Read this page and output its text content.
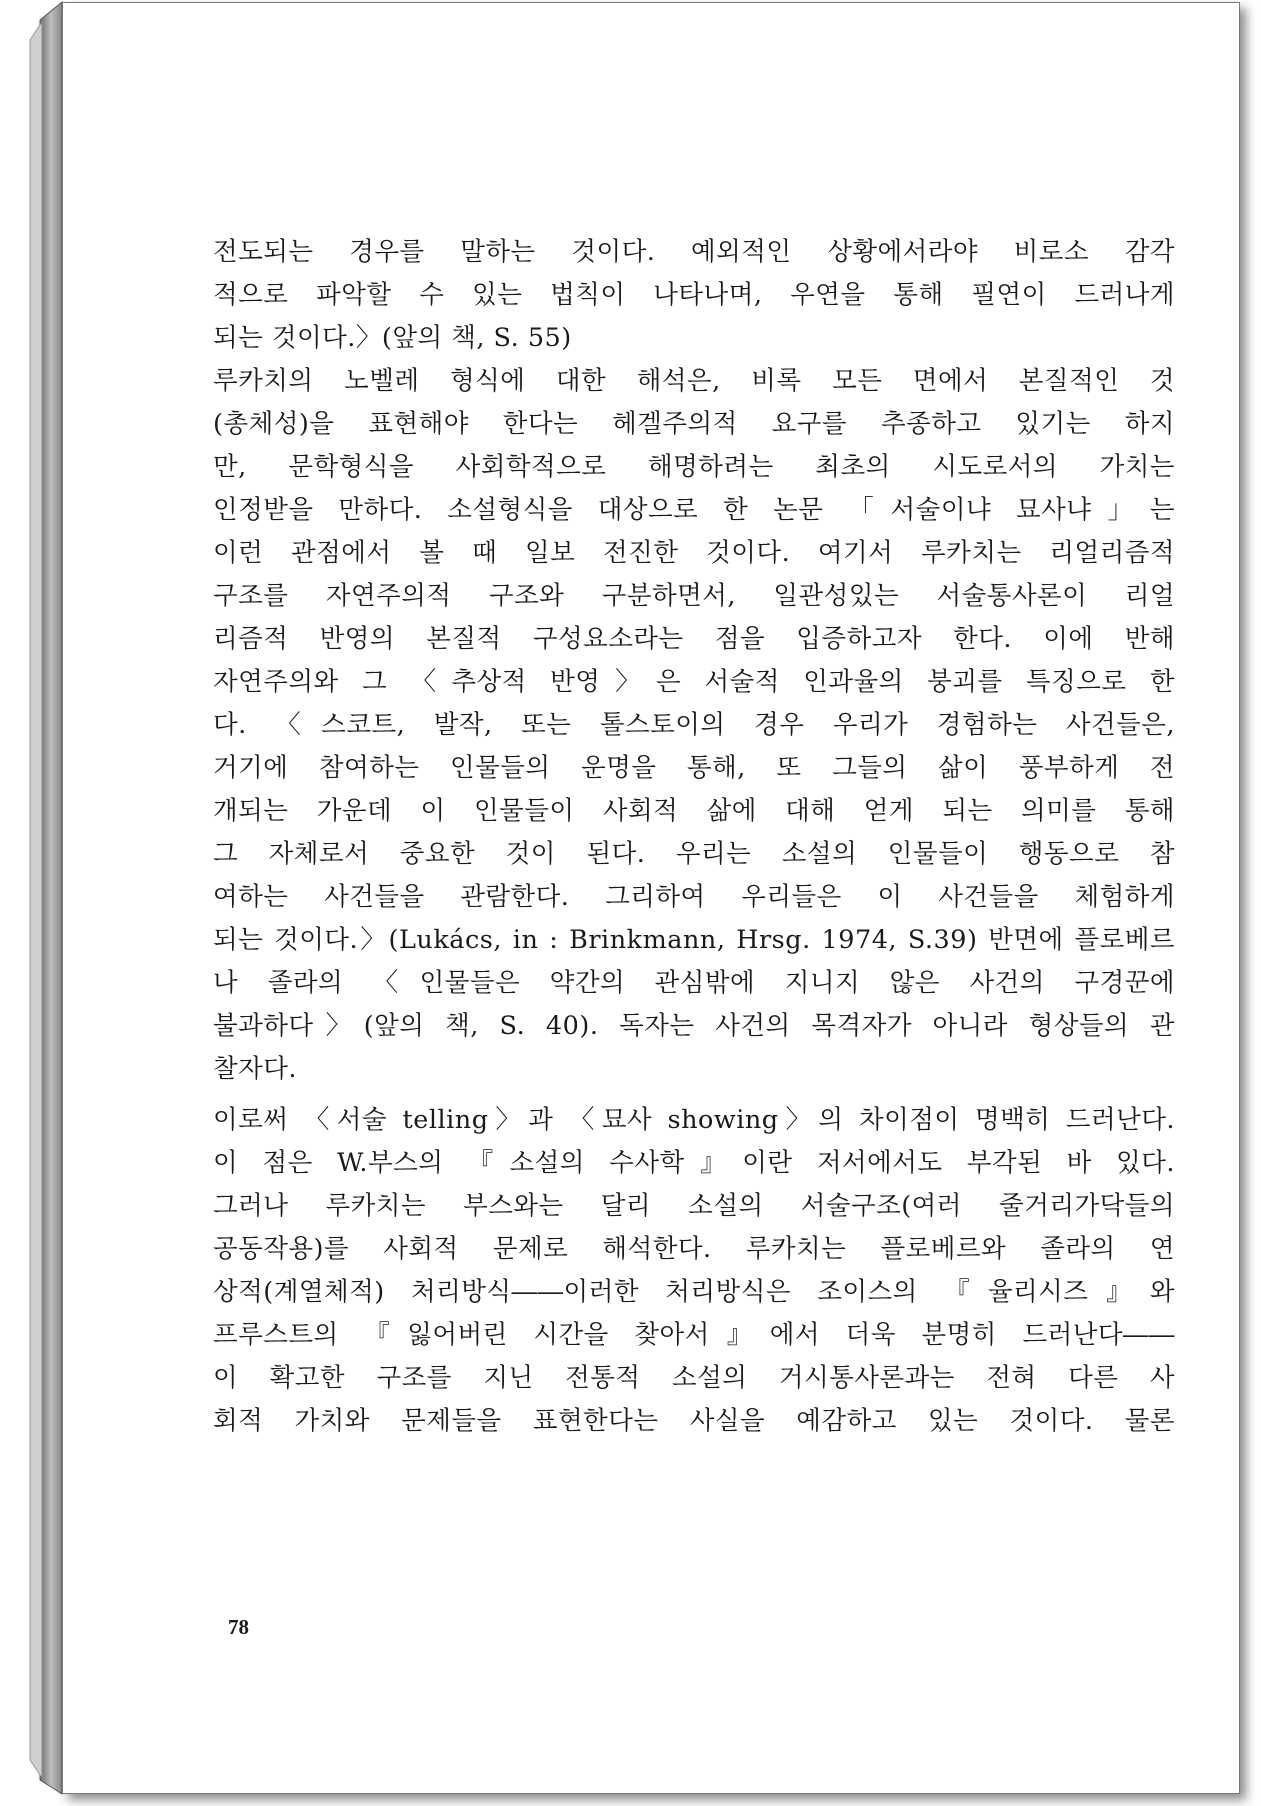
전도되는 경우를 말하는 것이다. 예외적인 상황에서라야 비로소 감각
적으로 파악할 수 있는 법칙이 나타나며, 우연을 통해 필연이 드러나게
되는 것이다.〉(앞의 책, S. 55)
루카치의 노벨레 형식에 대한 해석은, 비록 모든 면에서 본질적인 것
(총체성)을 표현해야 한다는 헤겔주의적 요구를 추종하고 있기는 하지
만, 문학형식을 사회학적으로 해명하려는 최초의 시도로서의 가치는
인정받을 만하다. 소설형식을 대상으로 한 논문 「서술이냐 묘사냐」는
이런 관점에서 볼 때 일보 전진한 것이다. 여기서 루카치는 리얼리즘적
구조를 자연주의적 구조와 구분하면서, 일관성있는 서술통사론이 리얼
리즘적 반영의 본질적 구성요소라는 점을 입증하고자 한다. 이에 반해
자연주의와 그 〈추상적 반영〉은 서술적 인과율의 붕괴를 특징으로 한
다. 〈스코트, 발작, 또는 톨스토이의 경우 우리가 경험하는 사건들은,
거기에 참여하는 인물들의 운명을 통해, 또 그들의 삶이 풍부하게 전
개되는 가운데 이 인물들이 사회적 삶에 대해 얻게 되는 의미를 통해
그 자체로서 중요한 것이 된다. 우리는 소설의 인물들이 행동으로 참
여하는 사건들을 관람한다. 그리하여 우리들은 이 사건들을 체험하게
되는 것이다.〉(Lukács, in : Brinkmann, Hrsg. 1974, S.39) 반면에 플로베르
나 졸라의 〈인물들은 약간의 관심밖에 지니지 않은 사건의 구경꾼에
불과하다〉(앞의 책, S. 40). 독자는 사건의 목격자가 아니라 형상들의 관
찰자다.
이로써 〈서술 telling〉과 〈묘사 showing〉의 차이점이 명백히 드러난다.
이 점은 W.부스의 『소설의 수사학』이란 저서에서도 부각된 바 있다.
그러나 루카치는 부스와는 달리 소설의 서술구조(여러 줄거리가닥들의
공동작용)를 사회적 문제로 해석한다. 루카치는 플로베르와 졸라의 연
상적(계열체적) 처리방식――이러한 처리방식은 조이스의 『율리시즈』와
프루스트의 『잃어버린 시간을 찾아서』에서 더욱 분명히 드러난다――
이 확고한 구조를 지닌 전통적 소설의 거시통사론과는 전혀 다른 사
회적 가치와 문제들을 표현한다는 사실을 예감하고 있는 것이다. 물론
78
